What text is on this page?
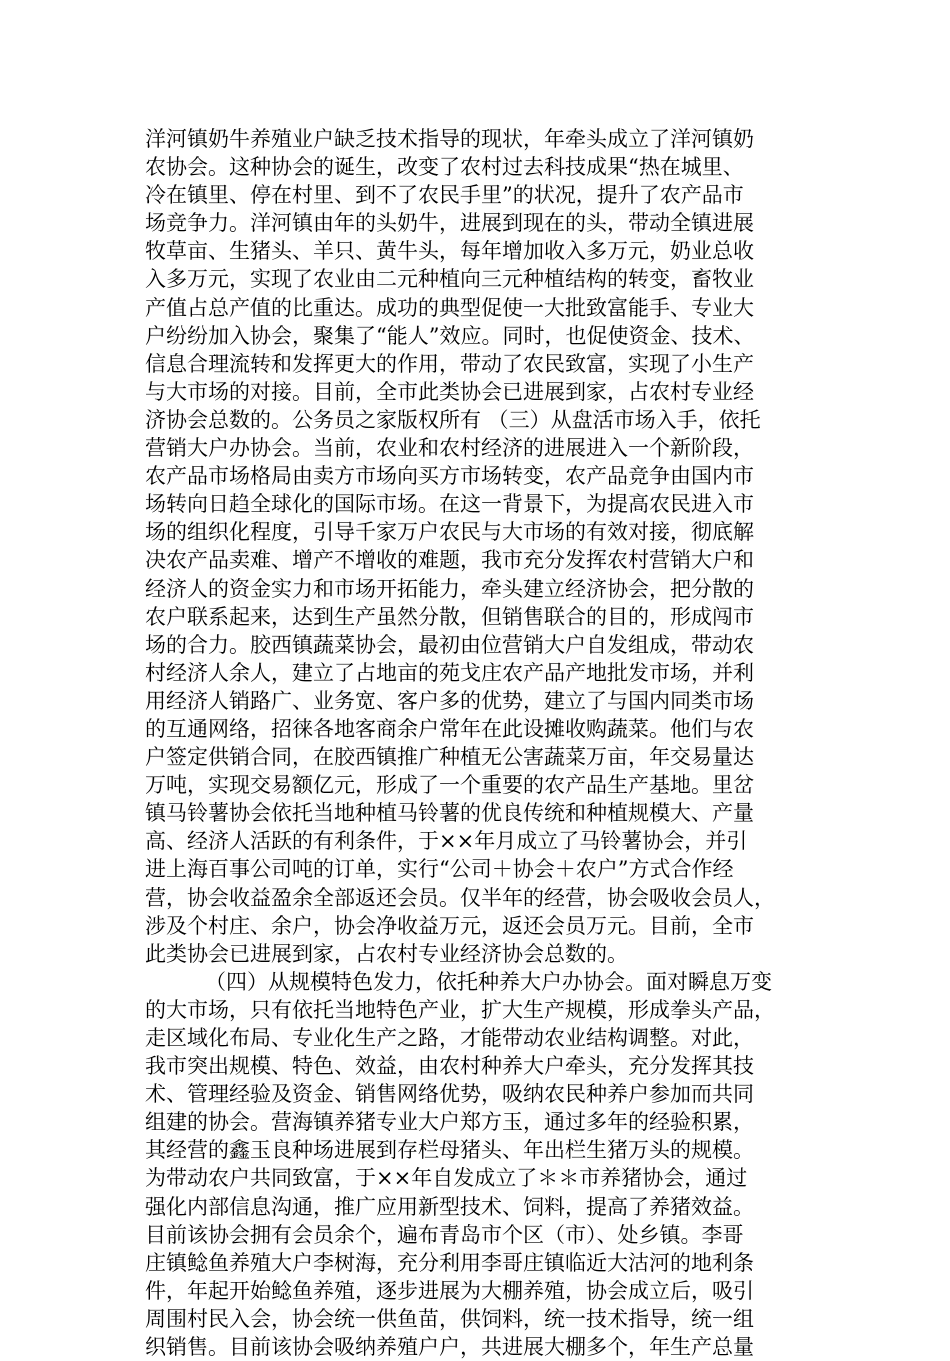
洋河镇奶牛养殖业户缺乏技术指导的现状，年牵头成立了洋河镇奶
农协会。这种协会的诞生，改变了农村过去科技成果“热在城里、
冷在镇里、停在村里、到不了农民手里”的状况，提升了农产品市
场竞争力。洋河镇由年的头奶牛，进展到现在的头，带动全镇进展
牧草亩、生猪头、羊只、黄牛头，每年增加收入多万元，奶业总收
入多万元，实现了农业由二元种植向三元种植结构的转变，畜牧业
产值占总产值的比重达。成功的典型促使一大批致富能手、专业大
户纷纷加入协会，聚集了“能人”效应。同时，也促使资金、技术、
信息合理流转和发挥更大的作用，带动了农民致富，实现了小生产
与大市场的对接。目前，全市此类协会已进展到家，占农村专业经
济协会总数的。公务员之家版权所有 （三）从盘活市场入手，依托
营销大户办协会。当前，农业和农村经济的进展进入一个新阶段，
农产品市场格局由卖方市场向买方市场转变，农产品竞争由国内市
场转向日趋全球化的国际市场。在这一背景下，为提高农民进入市
场的组织化程度，引导千家万户农民与大市场的有效对接，彻底解
决农产品卖难、增产不增收的难题，我市充分发挥农村营销大户和
经济人的资金实力和市场开拓能力，牵头建立经济协会，把分散的
农户联系起来，达到生产虽然分散，但销售联合的目的，形成闯市
场的合力。胶西镇蔬菜协会，最初由位营销大户自发组成，带动农
村经济人余人，建立了占地亩的苑戈庄农产品产地批发市场，并利
用经济人销路广、业务宽、客户多的优势，建立了与国内同类市场
的互通网络，招徕各地客商余户常年在此设摊收购蔬菜。他们与农
户签定供销合同，在胶西镇推广种植无公害蔬菜万亩，年交易量达
万吨，实现交易额亿元，形成了一个重要的农产品生产基地。里岔
镇马铃薯协会依托当地种植马铃薯的优良传统和种植规模大、产量
高、经济人活跃的有利条件，于××年月成立了马铃薯协会，并引
进上海百事公司吨的订单，实行“公司＋协会＋农户”方式合作经
营，协会收益盈余全部返还会员。仅半年的经营，协会吸收会员人，
涉及个村庄、余户，协会净收益万元，返还会员万元。目前，全市
此类协会已进展到家，占农村专业经济协会总数的。
（四）从规模特色发力，依托种养大户办协会。面对瞬息万变
的大市场，只有依托当地特色产业，扩大生产规模，形成拳头产品，
走区域化布局、专业化生产之路，才能带动农业结构调整。对此，
我市突出规模、特色、效益，由农村种养大户牵头，充分发挥其技
术、管理经验及资金、销售网络优势，吸纳农民种养户参加而共同
组建的协会。营海镇养猪专业大户郑方玉，通过多年的经验积累，
其经营的鑫玉良种场进展到存栏母猪头、年出栏生猪万头的规模。
为带动农户共同致富，于××年自发成立了＊＊市养猪协会，通过
强化内部信息沟通，推广应用新型技术、饲料，提高了养猪效益。
目前该协会拥有会员余个，遍布青岛市个区（市）、处乡镇。李哥
庄镇鲶鱼养殖大户李树海，充分利用李哥庄镇临近大沽河的地利条
件，年起开始鲶鱼养殖，逐步进展为大棚养殖，协会成立后，吸引
周围村民入会，协会统一供鱼苗，供饲料，统一技术指导，统一组
织销售。目前该协会吸纳养殖户户，共进展大棚多个，年生产总量
